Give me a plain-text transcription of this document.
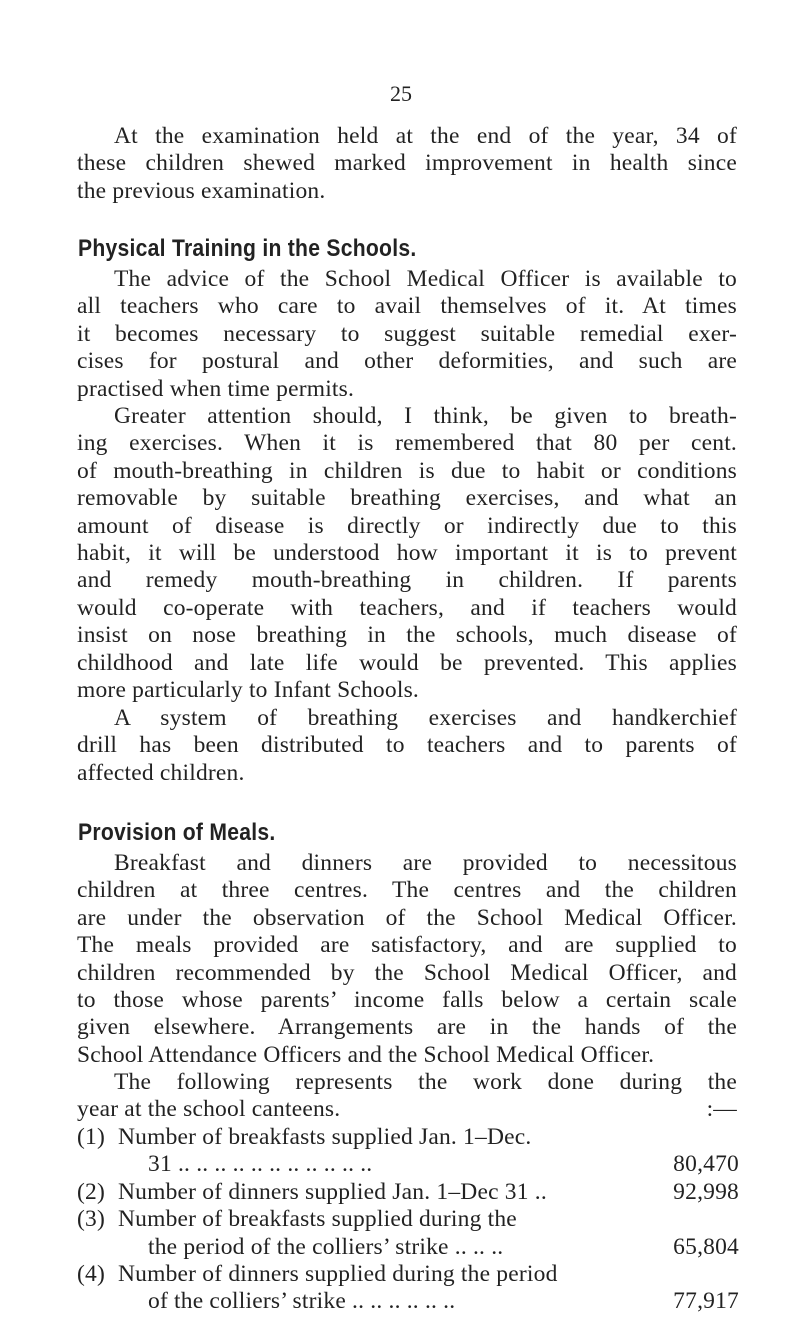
25
At the examination held at the end of the year, 34 of
these children shewed marked improvement in health since
the previous examination.
Physical Training in the Schools.
The advice of the School Medical Officer is available to
all teachers who care to avail themselves of it. At times
it becomes necessary to suggest suitable remedial exer-
cises for postural and other deformities, and such are
practised when time permits.
Greater attention should, I think, be given to breath-
ing exercises. When it is remembered that 80 per cent.
of mouth-breathing in children is due to habit or conditions
removable by suitable breathing exercises, and what an
amount of disease is directly or indirectly due to this
habit, it will be understood how important it is to prevent
and remedy mouth-breathing in children. If parents
would co-operate with teachers, and if teachers would
insist on nose breathing in the schools, much disease of
childhood and late life would be prevented. This applies
more particularly to Infant Schools.
A system of breathing exercises and handkerchief
drill has been distributed to teachers and to parents of
affected children.
Provision of Meals.
Breakfast and dinners are provided to necessitous
children at three centres. The centres and the children
are under the observation of the School Medical Officer.
The meals provided are satisfactory, and are supplied to
children recommended by the School Medical Officer, and
to those whose parents’ income falls below a certain scale
given elsewhere. Arrangements are in the hands of the
School Attendance Officers and the School Medical Officer.
The following represents the work done during the
year at the school canteens.	:—
(1) Number of breakfasts supplied Jan. 1–Dec.
31 .. .. .. .. .. .. .. .. .. .. ..	80,470
(2) Number of dinners supplied Jan. 1–Dec 31 ..	92,998
(3) Number of breakfasts supplied during the
the period of the colliers’ strike .. .. ..	65,804
(4) Number of dinners supplied during the period
of the colliers’ strike .. .. .. .. .. ..	77,917
